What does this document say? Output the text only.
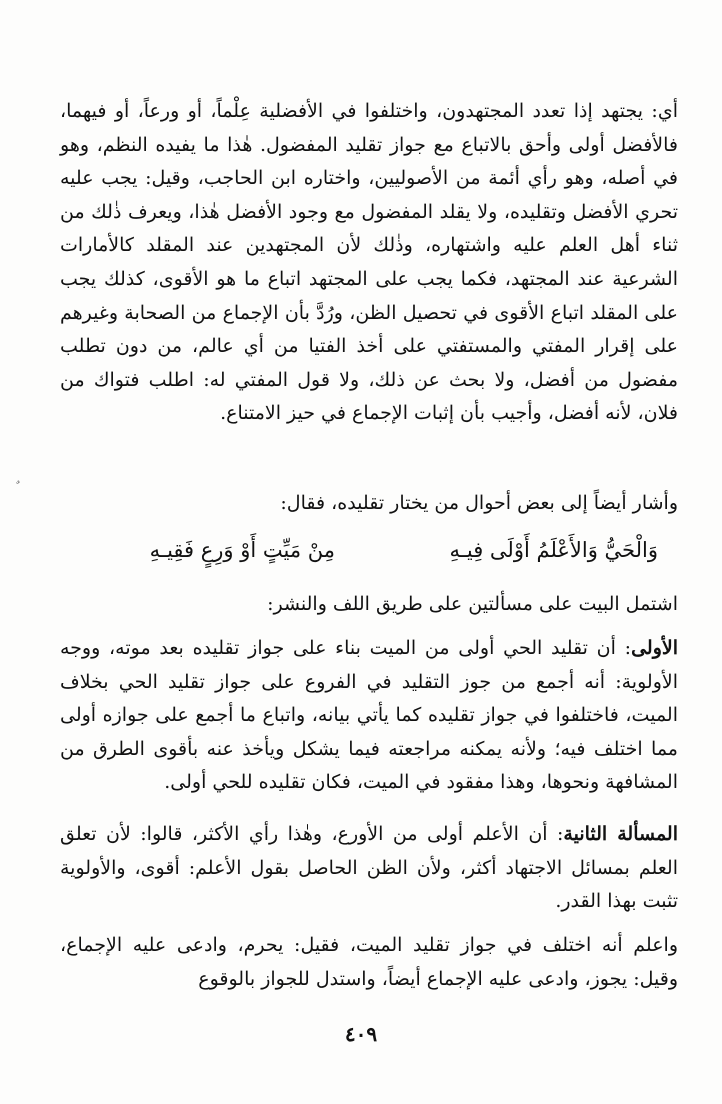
أي: يجتهد إذا تعدد المجتهدون، واختلفوا في الأفضلية عِلْماً، أو ورعاً، أو فيهما، فالأفضل أولى وأحق بالاتباع مع جواز تقليد المفضول. هٰذا ما يفيده النظم، وهو في أصله، وهو رأي أئمة من الأصوليين، واختاره ابن الحاجب، وقيل: يجب عليه تحري الأفضل وتقليده، ولا يقلد المفضول مع وجود الأفضل هٰذا، ويعرف ذٰلك من ثناء أهل العلم عليه واشتهاره، وذٰلك لأن المجتهدين عند المقلد كالأمارات الشرعية عند المجتهد، فكما يجب على المجتهد اتباع ما هو الأقوى، كذلك يجب على المقلد اتباع الأقوى في تحصيل الظن، ورُدَّ بأن الإجماع من الصحابة وغيرهم على إقرار المفتي والمستفتي على أخذ الفتيا من أي عالم، من دون تطلب مفضول من أفضل، ولا بحث عن ذلك، ولا قول المفتي له: اطلب فتواك من فلان، لأنه أفضل، وأجيب بأن إثبات الإجماع في حيز الامتناع.

وأشار أيضاً إلى بعض أحوال من يختار تقليده، فقال:

وَالْحَيُّ وَالأَعْلَمُ أَوْلَى فِيـهِ
مِنْ مَيِّتٍ أَوْ وَرِعٍ فَقِيـهِ

اشتمل البيت على مسألتين على طريق اللف والنشر:

الأولى: أن تقليد الحي أولى من الميت بناء على جواز تقليده بعد موته، ووجه الأولوية: أنه أجمع من جوز التقليد في الفروع على جواز تقليد الحي بخلاف الميت، فاختلفوا في جواز تقليده كما يأتي بيانه، واتباع ما أجمع على جوازه أولى مما اختلف فيه؛ ولأنه يمكنه مراجعته فيما يشكل ويأخذ عنه بأقوى الطرق من المشافهة ونحوها، وهذا مفقود في الميت، فكان تقليده للحي أولى.

المسألة الثانية: أن الأعلم أولى من الأورع، وهٰذا رأي الأكثر، قالوا: لأن تعلق العلم بمسائل الاجتهاد أكثر، ولأن الظن الحاصل بقول الأعلم: أقوى، والأولوية تثبت بهذا القدر.

واعلم أنه اختلف في جواز تقليد الميت، فقيل: يحرم، وادعى عليه الإجماع، وقيل: يجوز، وادعى عليه الإجماع أيضاً، واستدل للجواز بالوقوع

٤٠٩
